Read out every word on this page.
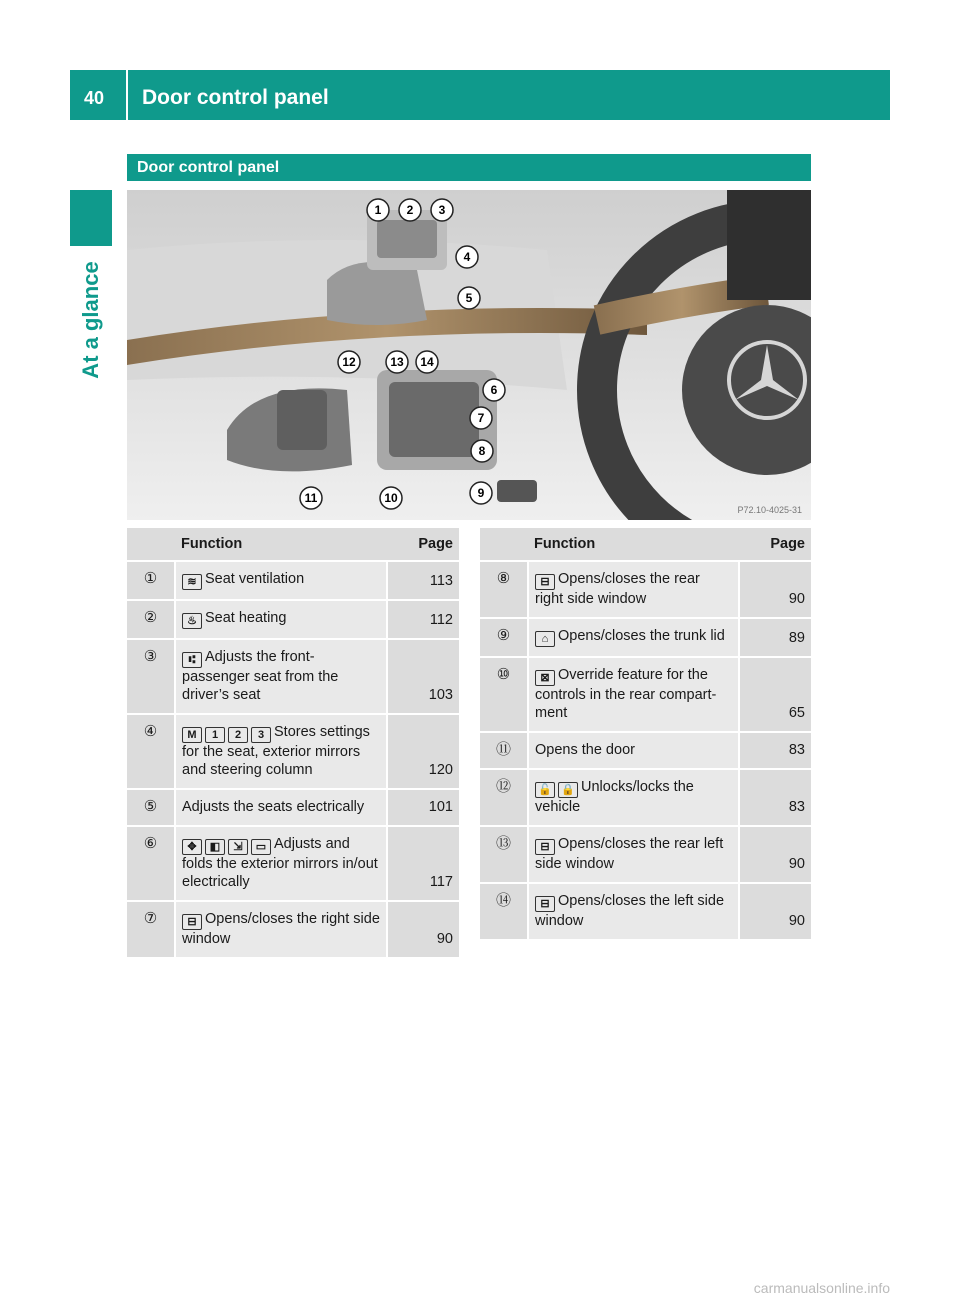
40 Door control panel
At a glance
Door control panel
1 2 3
4
5
6
7
8
9
10
11
12	13 14
P72.10-4025-31
	Function	Page
①	≋ Seat ventilation	113
②	♨ Seat heating	112
③	⑆ Adjusts the front-passenger seat from the driver’s seat	103
④	M 1 2 3 Stores settings for the seat, exterior mirrors and steering column	120
⑤	Adjusts the seats electrically	101
⑥	✥ ◧ ⇲ ▭ Adjusts and folds the exterior mirrors in/out electrically	117
⑦	⊟ Opens/closes the right side window	90
	Function	Page
⑧	⊟ Opens/closes the rear right side window	90
⑨	⌂ Opens/closes the trunk lid	89
⑩	⊠ Override feature for the controls in the rear compart-ment	65
⑪	Opens the door	83
⑫	🔓 🔒 Unlocks/locks the vehicle	83
⑬	⊟ Opens/closes the rear left side window	90
⑭	⊟ Opens/closes the left side window	90
carmanualsonline.info
